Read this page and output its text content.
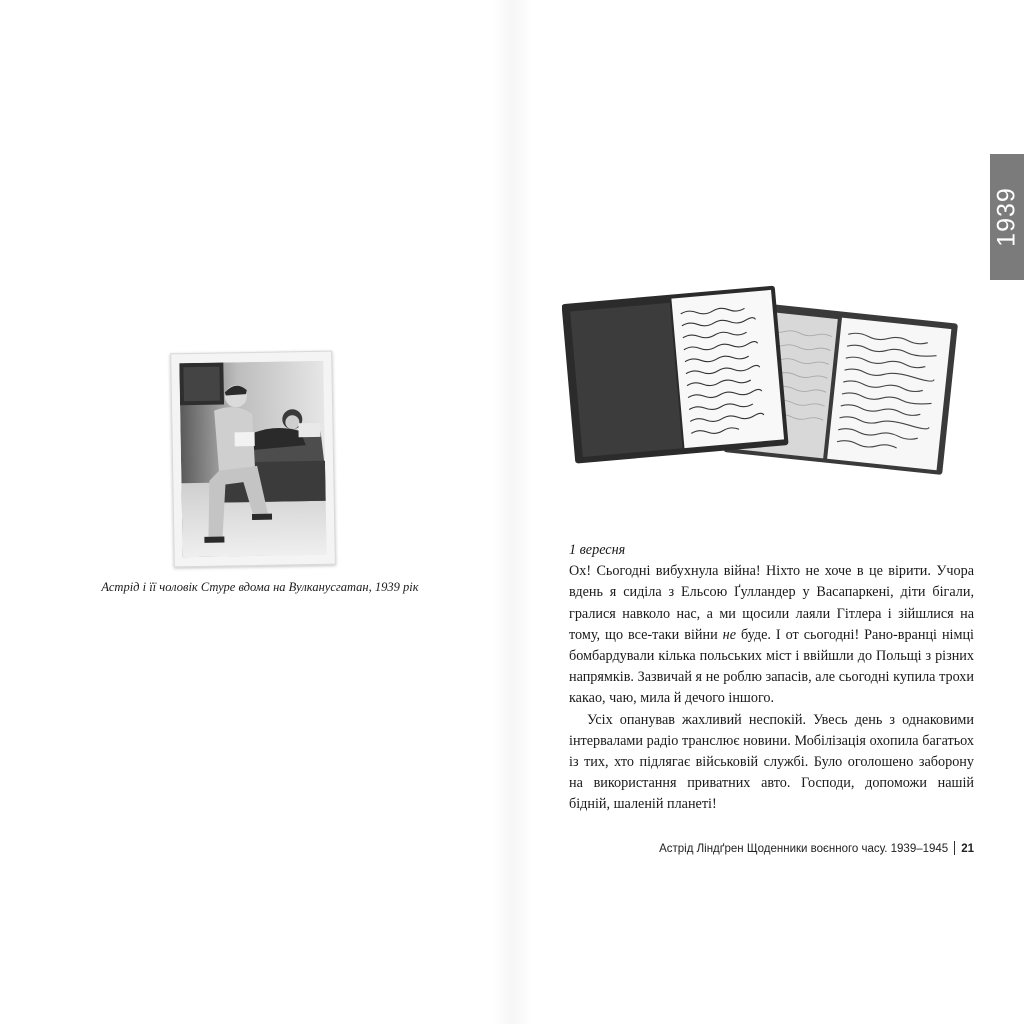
Астрід і її чоловік Стуре вдома на Вулканусгатан, 1939 рік
1939

1 вересня

Ох! Сьогодні вибухнула війна! Ніхто не хоче в це вірити. Учора вдень я сиділа з Ельсою Ґулландер у Васапаркені, діти бігали, гралися навколо нас, а ми щосили лаяли Гітлера і зійшлися на тому, що все-таки війни не буде. І от сьогодні! Рано-вранці німці бомбардували кілька польських міст і ввійшли до Польщі з різних напрямків. Зазвичай я не роблю запасів, але сьогодні купила трохи какао, чаю, мила й дечого іншого.

Усіх опанував жахливий неспокій. Увесь день з однаковими інтервалами радіо транслює новини. Мобілізація охопила багатьох із тих, хто підлягає військовій службі. Було оголошено заборону на використання приватних авто. Господи, допоможи нашій бідній, шаленій планеті!

Астрід Ліндґрен Щоденники воєнного часу. 1939–1945 21
